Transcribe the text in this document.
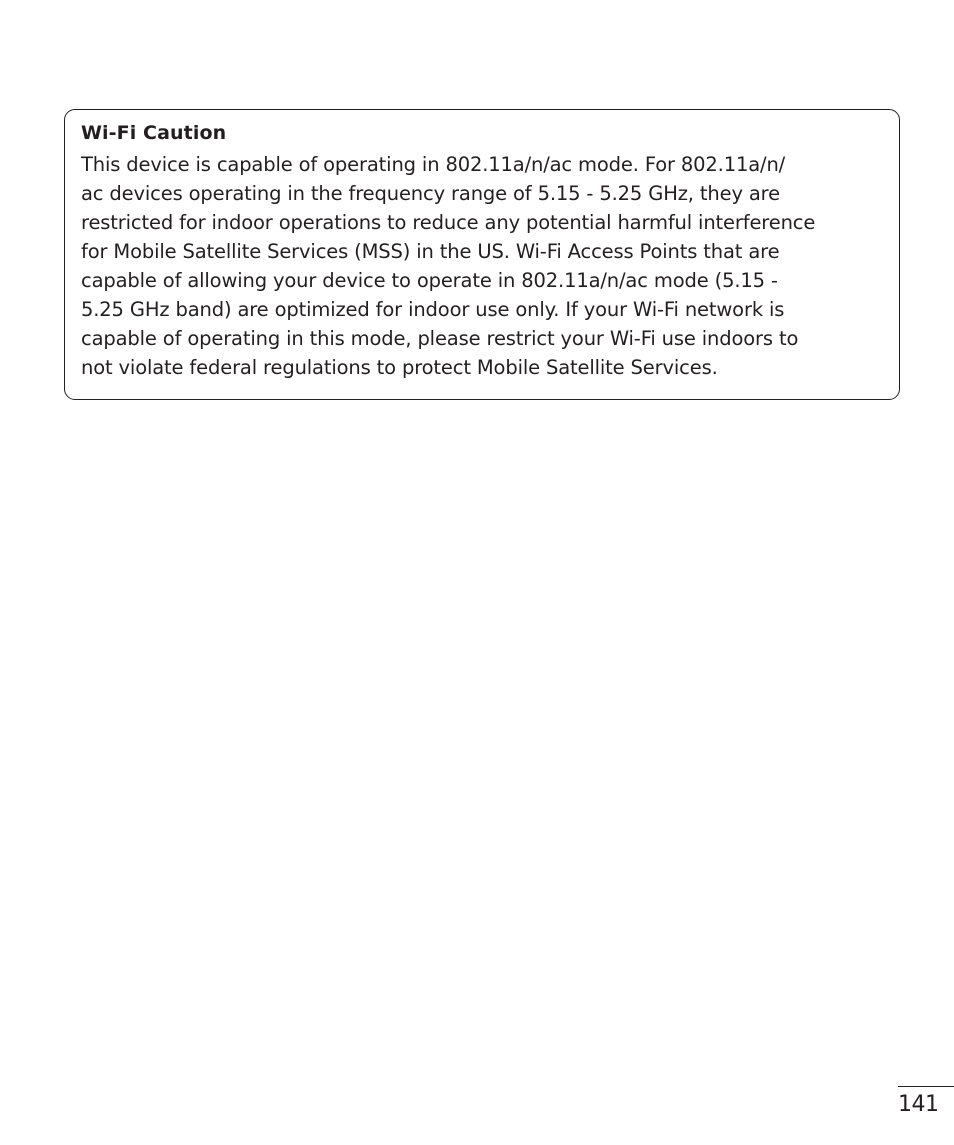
Wi-Fi Caution

This device is capable of operating in 802.11a/n/ac mode. For 802.11a/n/
ac devices operating in the frequency range of 5.15 - 5.25 GHz, they are
restricted for indoor operations to reduce any potential harmful interference
for Mobile Satellite Services (MSS) in the US. Wi-Fi Access Points that are
capable of allowing your device to operate in 802.11a/n/ac mode (5.15 -
5.25 GHz band) are optimized for indoor use only. If your Wi-Fi network is
capable of operating in this mode, please restrict your Wi-Fi use indoors to
not violate federal regulations to protect Mobile Satellite Services.

141
